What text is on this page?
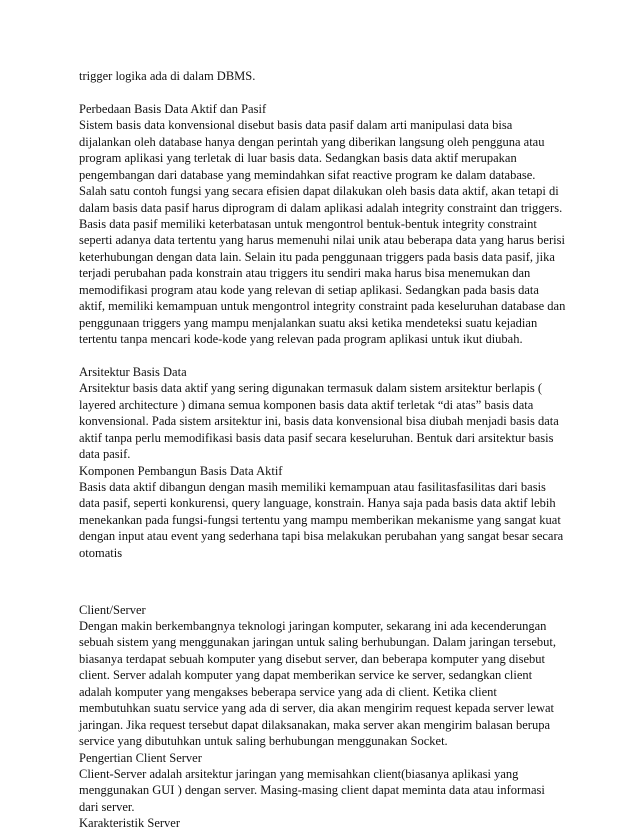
trigger logika ada di dalam DBMS.
Perbedaan Basis Data Aktif dan Pasif
Sistem basis data konvensional disebut basis data pasif dalam arti manipulasi data bisa
dijalankan oleh database hanya dengan perintah yang diberikan langsung oleh pengguna atau
program aplikasi yang terletak di luar basis data. Sedangkan basis data aktif merupakan
pengembangan dari database yang memindahkan sifat reactive program ke dalam database.
Salah satu contoh fungsi yang secara efisien dapat dilakukan oleh basis data aktif, akan tetapi di
dalam basis data pasif harus diprogram di dalam aplikasi adalah integrity constraint dan triggers.
Basis data pasif memiliki keterbatasan untuk mengontrol bentuk-bentuk integrity constraint
seperti adanya data tertentu yang harus memenuhi nilai unik atau beberapa data yang harus berisi
keterhubungan dengan data lain. Selain itu pada penggunaan triggers pada basis data pasif, jika
terjadi perubahan pada konstrain atau triggers itu sendiri maka harus bisa menemukan dan
memodifikasi program atau kode yang relevan di setiap aplikasi. Sedangkan pada basis data
aktif, memiliki kemampuan untuk mengontrol integrity constraint pada keseluruhan database dan
penggunaan triggers yang mampu menjalankan suatu aksi ketika mendeteksi suatu kejadian
tertentu tanpa mencari kode-kode yang relevan pada program aplikasi untuk ikut diubah.
Arsitektur Basis Data
Arsitektur basis data aktif yang sering digunakan termasuk dalam sistem arsitektur berlapis (
layered architecture ) dimana semua komponen basis data aktif terletak “di atas” basis data
konvensional. Pada sistem arsitektur ini, basis data konvensional bisa diubah menjadi basis data
aktif tanpa perlu memodifikasi basis data pasif secara keseluruhan. Bentuk dari arsitektur basis
data pasif.
Komponen Pembangun Basis Data Aktif
Basis data aktif dibangun dengan masih memiliki kemampuan atau fasilitasfasilitas dari basis
data pasif, seperti konkurensi, query language, konstrain. Hanya saja pada basis data aktif lebih
menekankan pada fungsi-fungsi tertentu yang mampu memberikan mekanisme yang sangat kuat
dengan input atau event yang sederhana tapi bisa melakukan perubahan yang sangat besar secara
otomatis
Client/Server
Dengan makin berkembangnya teknologi jaringan komputer, sekarang ini ada kecenderungan
sebuah sistem yang menggunakan jaringan untuk saling berhubungan. Dalam jaringan tersebut,
biasanya terdapat sebuah komputer yang disebut server, dan beberapa komputer yang disebut
client. Server adalah komputer yang dapat memberikan service ke server, sedangkan client
adalah komputer yang mengakses beberapa service yang ada di client. Ketika client
membutuhkan suatu service yang ada di server, dia akan mengirim request kepada server lewat
jaringan. Jika request tersebut dapat dilaksanakan, maka server akan mengirim balasan berupa
service yang dibutuhkan untuk saling berhubungan menggunakan Socket.
Pengertian Client Server
Client-Server adalah arsitektur jaringan yang memisahkan client(biasanya aplikasi yang
menggunakan GUI ) dengan server. Masing-masing client dapat meminta data atau informasi
dari server.
Karakteristik Server
